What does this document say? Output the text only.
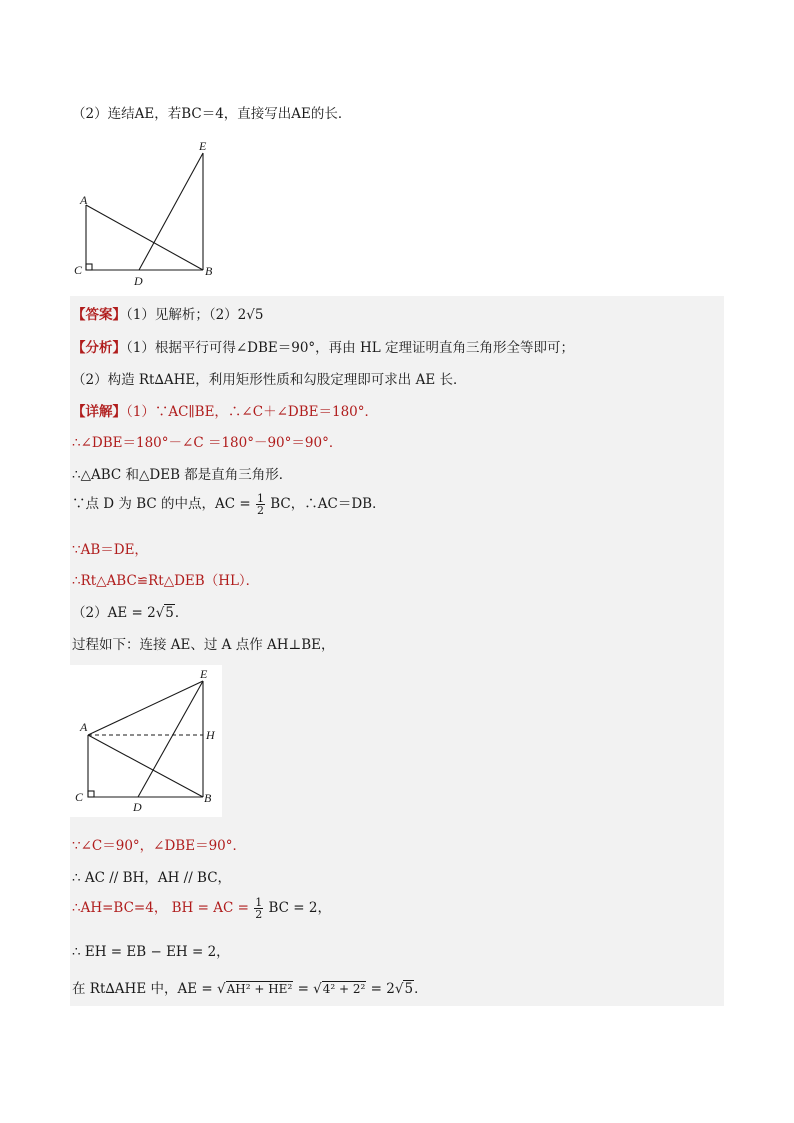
（2）连结AE，若BC＝4，直接写出AE的长．
E
A
C
D
B
【答案】（1）见解析；（2）2√5
【分析】（1）根据平行可得∠DBE＝90°，再由 HL 定理证明直角三角形全等即可；
（2）构造 Rt∆AHE，利用矩形性质和勾股定理即可求出 AE 长．
【详解】（1）∵AC∥BE，∴∠C＋∠DBE＝180°．
∴∠DBE＝180°－∠C ＝180°－90°＝90°．
∴△ABC 和△DEB 都是直角三角形．
∵点 D 为 BC 的中点，AC = $\frac{1}{2}$ BC，∴AC＝DB．
∵AB＝DE，
∴Rt△ABC≌Rt△DEB（HL）．
（2）AE = 2√5．
过程如下：连接 AE、过 A 点作 AH⊥BE，
E
A
H
C
D
B
∵∠C＝90°，∠DBE＝90°．
∴ AC // BH，AH // BC，
∴AH=BC=4， BH = AC = $\frac{1}{2}$ BC = 2，
∴ EH = EB − EH = 2，
在 Rt∆AHE 中，AE = √AH² + HE² = √4² + 2² = 2√5．
